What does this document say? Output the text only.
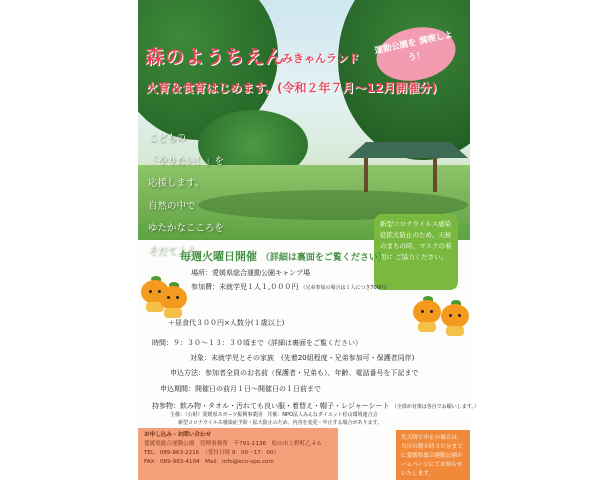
森のようちえん
みきゃんランド
火育＆食育はじめます。(令和２年７月～12月開催分)
運動公園を 満喫しよう！
こどもの
「やりたい！」を
応援します。
自然の中で
ゆたかなこころを
そだてよう。
新型コロナウイルス感染症拡大防止のため、天候のまちの時、マスクの着用に ご協力ください。
毎週火曜日開催 （詳細は裏面をご覧ください）
場所：愛媛県総合運動公園キャンプ場
参加費：未就学児１人１,０００円 （兄弟参加の場合は１人につき700円）
＋昼食代３００円×人数分(１歳以上)
時間：９：３０～１３：３０頃まで（詳細は裏面をご覧ください）
対象：未就学児とその家族　(先着20組程度・兄弟参加可・保護者同伴)
申込方法：参加者全員のお名前（保護者・兄弟も）、年齢、電話番号を下記まで
申込期間：開催日の前月１日～開催日の１日前まで
持参物：飲み物・タオル・汚れても良い服・着替え・帽子・レジャーシート （全部が対策は各自でお願いします。）
主催：（公財）愛媛県スポーツ振興事業団　共催：NPO法人みんなダイエット松山環境連合会
新型コロナウイルス感染症予防・拡大防止のため、内容を変更・中止する場合があります。
お申し込み・お問い合わせ
愛媛県総合運動公園　管理事務所　〒791-1136　松山市上野町乙４６
TEL：089-963-2216　（受付日時 9：00～17：00）
FAX：089-963-4104　Mail：info@eco-spo.com
荒天時で中止の場合は、当日の朝８時３０分までに愛媛県総合運動公園ホームページにてお知らせいたします。
